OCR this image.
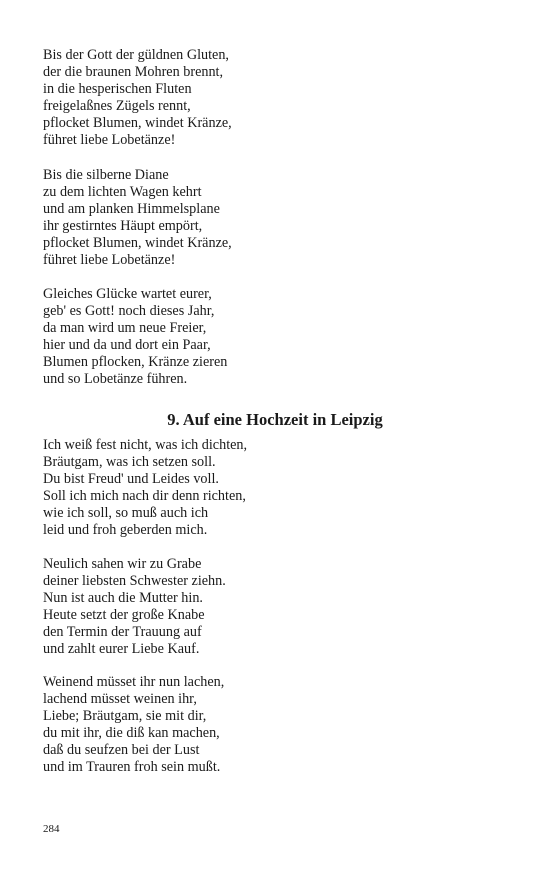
Bis der Gott der güldnen Gluten,
der die braunen Mohren brennt,
in die hesperischen Fluten
freigelaßnes Zügels rennt,
pflocket Blumen, windet Kränze,
führet liebe Lobetänze!
Bis die silberne Diane
zu dem lichten Wagen kehrt
und am planken Himmelsplane
ihr gestirntes Häupt empört,
pflocket Blumen, windet Kränze,
führet liebe Lobetänze!
Gleiches Glücke wartet eurer,
geb' es Gott! noch dieses Jahr,
da man wird um neue Freier,
hier und da und dort ein Paar,
Blumen pflocken, Kränze zieren
und so Lobetänze führen.
9. Auf eine Hochzeit in Leipzig
Ich weiß fest nicht, was ich dichten,
Bräutgam, was ich setzen soll.
Du bist Freud' und Leides voll.
Soll ich mich nach dir denn richten,
wie ich soll, so muß auch ich
leid und froh geberden mich.
Neulich sahen wir zu Grabe
deiner liebsten Schwester ziehn.
Nun ist auch die Mutter hin.
Heute setzt der große Knabe
den Termin der Trauung auf
und zahlt eurer Liebe Kauf.
Weinend müsset ihr nun lachen,
lachend müsset weinen ihr,
Liebe; Bräutgam, sie mit dir,
du mit ihr, die diß kan machen,
daß du seufzen bei der Lust
und im Trauren froh sein mußt.
284
